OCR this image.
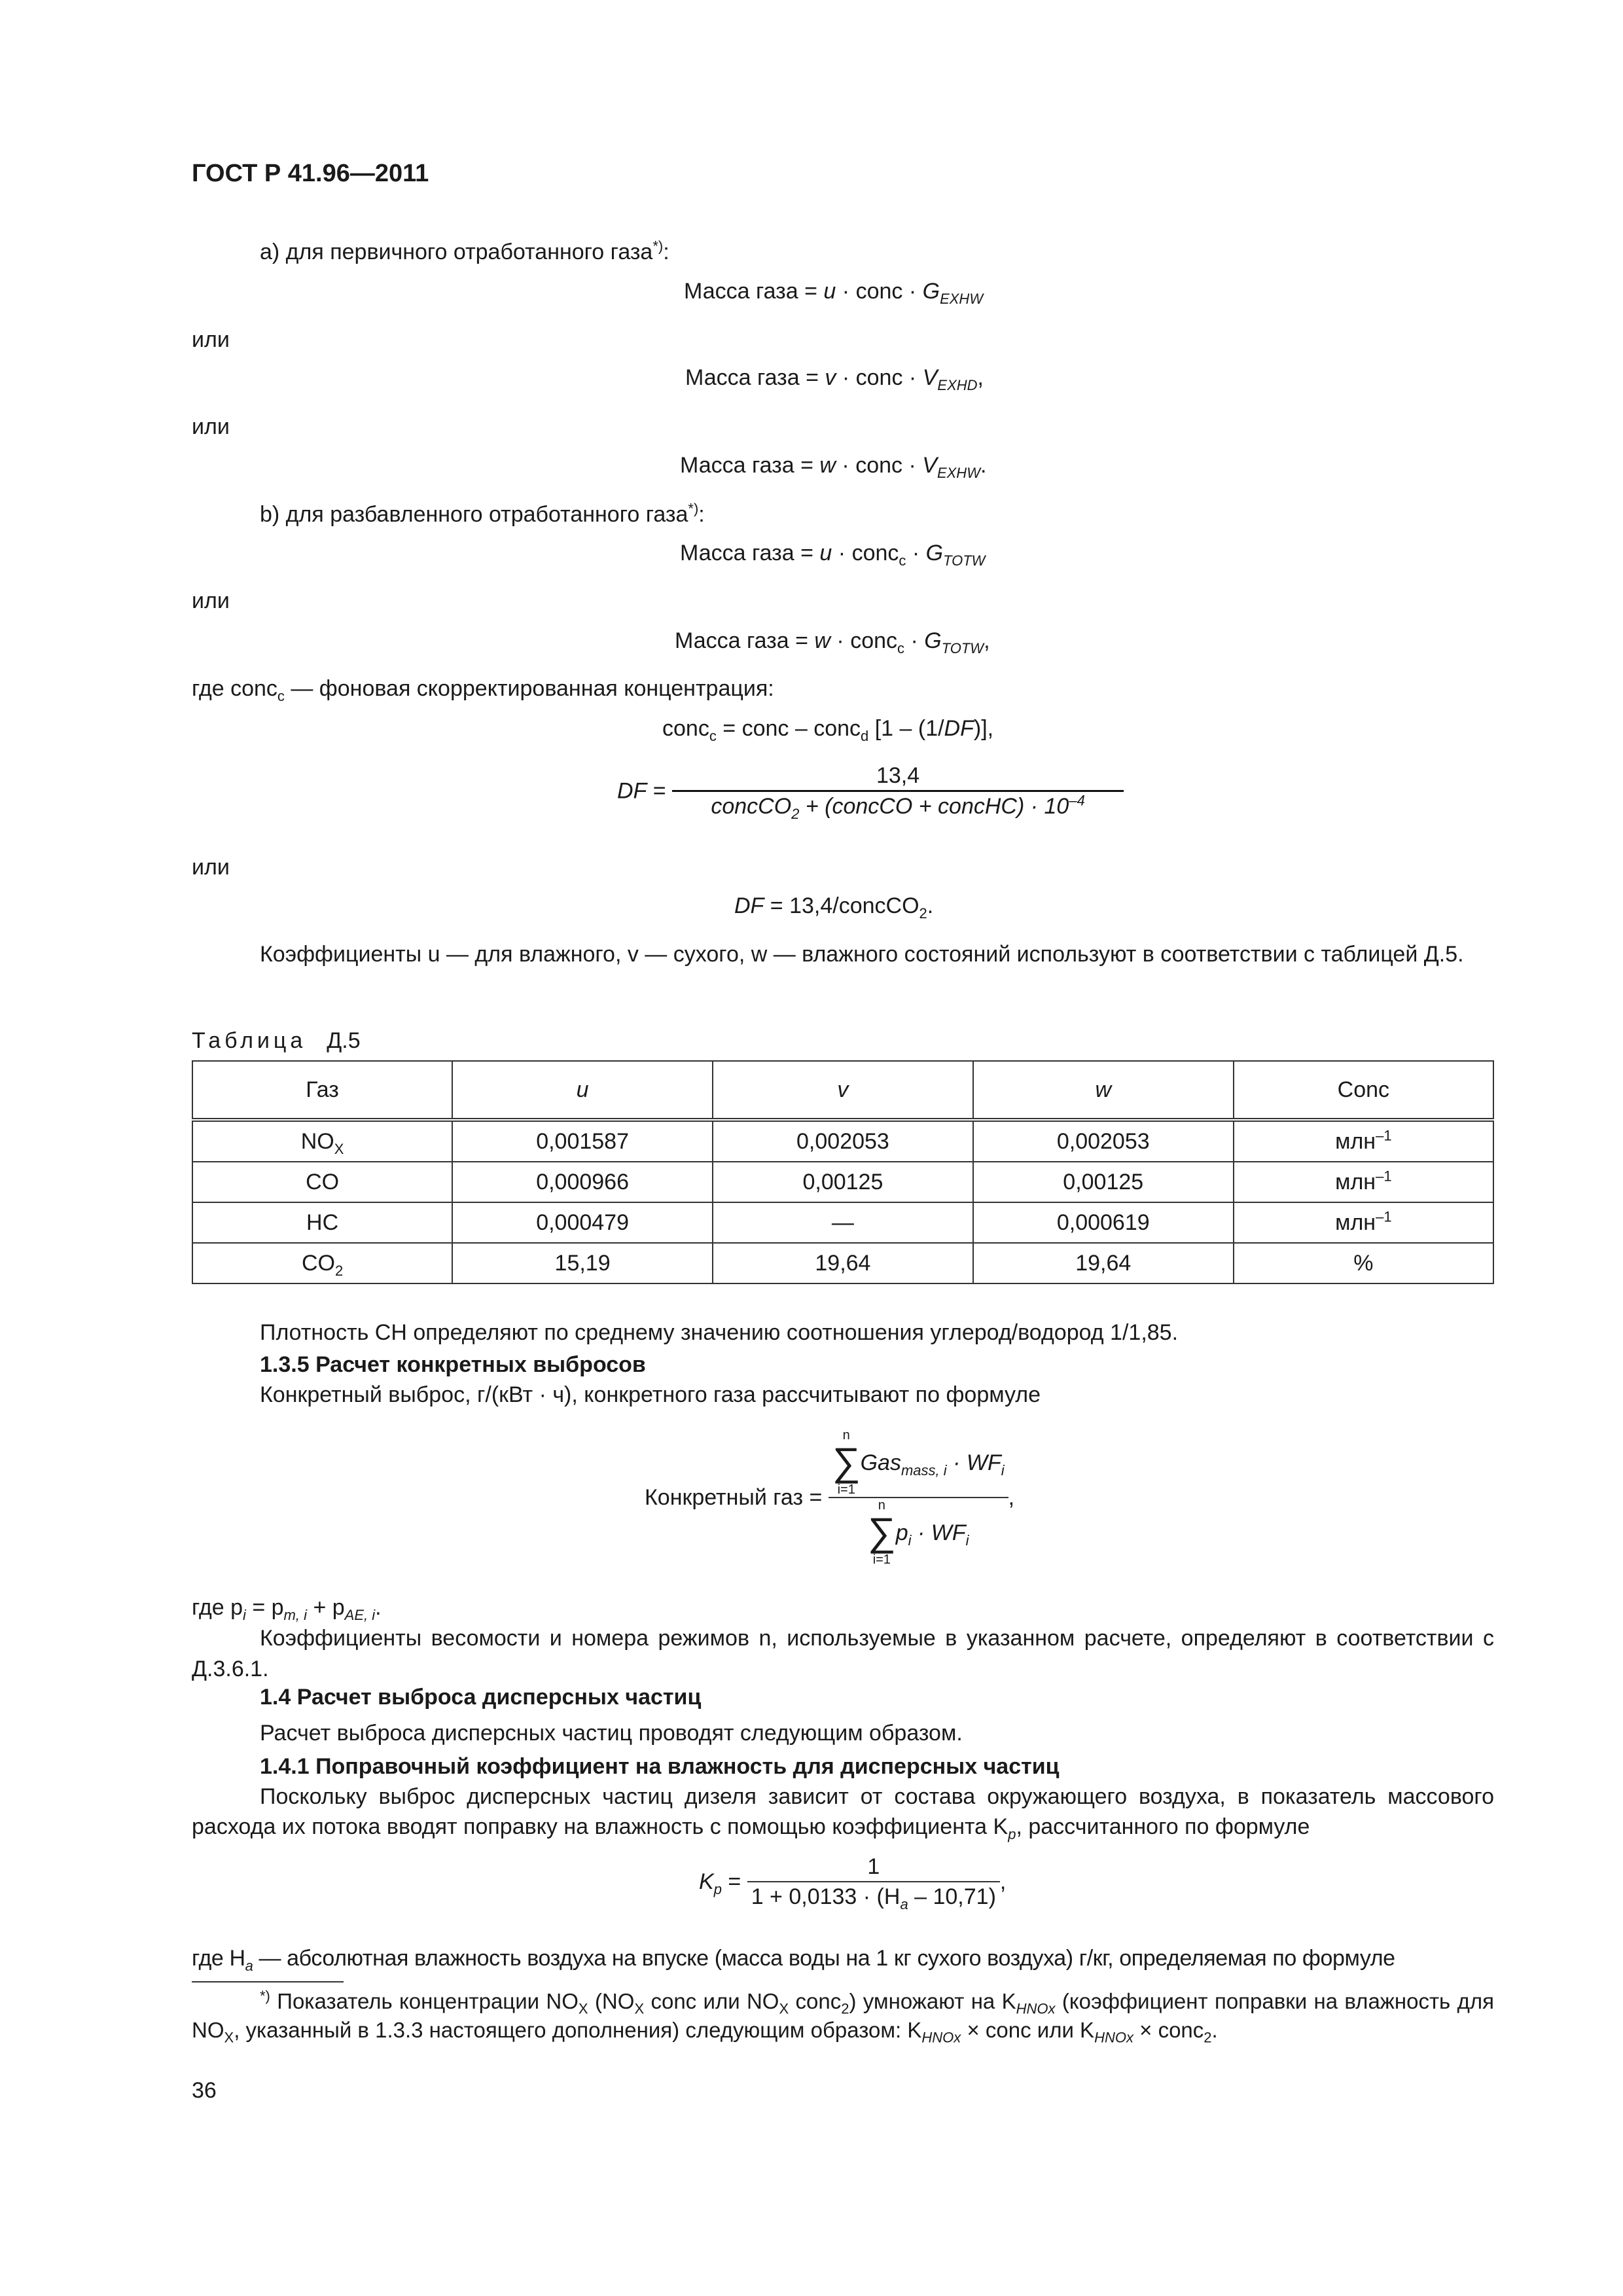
ГОСТ Р 41.96—2011
a) для первичного отработанного газа*):
Масса газа = u · conc · $G_{EXHW}$
или
Масса газа = v · conc · $V_{EXHD}$,
или
Масса газа = w · conc · $V_{EXHW}$.
b) для разбавленного отработанного газа*):
Масса газа = u · conc$_c$ · $G_{TOTW}$
или
Масса газа = w · conc$_c$ · $G_{TOTW}$,
где conc$_c$ — фоновая скорректированная концентрация:
conc$_c$ = conc – conc$_d$ [1 – (1/DF)],
DF = $\frac{13,4}{concCO_2 + (concCO + concHC) \cdot 10^{-4}}$
или
DF = 13,4/concCO$_2$.
Коэффициенты u — для влажного, v — сухого, w — влажного состояний используют в соответствии с таблицей Д.5.
Таблица Д.5
Газ	u	v	w	Conc
$NO_X$	0,001587	0,002053	0,002053	млн$^{-1}$
CO	0,000966	0,00125	0,00125	млн$^{-1}$
HC	0,000479	—	0,000619	млн$^{-1}$
$CO_2$	15,19	19,64	19,64	%
Плотность CH определяют по среднему значению соотношения углерод/водород 1/1,85.
1.3.5 Расчет конкретных выбросов
Конкретный выброс, г/(кВт · ч), конкретного газа рассчитывают по формуле
Конкретный газ = n
∑
i=1
$Gas_{mass, i} \cdot WF_i$
n
∑
i=1
$p_i \cdot WF_i$ ,
где $p_i = p_{m, i} + p_{AE, i}$.
Коэффициенты весомости и номера режимов n, используемые в указанном расчете, определяют в соответствии с Д.3.6.1.
1.4 Расчет выброса дисперсных частиц
Расчет выброса дисперсных частиц проводят следующим образом.
1.4.1 Поправочный коэффициент на влажность для дисперсных частиц
Поскольку выброс дисперсных частиц дизеля зависит от состава окружающего воздуха, в показатель массового расхода их потока вводят поправку на влажность с помощью коэффициента $K_p$, рассчитанного по формуле
$K_p = \frac{1}{1 + 0,0133 \cdot (H_a - 10,71)}$ ,
где $H_a$ — абсолютная влажность воздуха на впуске (масса воды на 1 кг сухого воздуха) г/кг, определяемая по формуле
*) Показатель концентрации $NO_X$ ($NO_X$ conc или $NO_X$ conc$_2$) умножают на $K_{HNOx}$ (коэффициент поправки на влажность для $NO_X$, указанный в 1.3.3 настоящего дополнения) следующим образом: $K_{HNOx}$ × conc или $K_{HNOx}$ × conc$_2$.
36
